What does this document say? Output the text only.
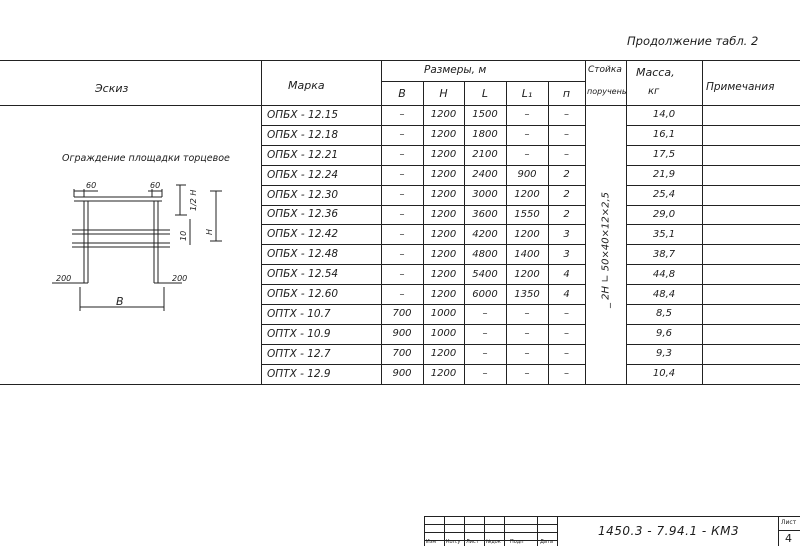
Продолжение табл. 2
Эскиз	Марка
Размеры, м	Стойка
поручень
Масса,
кг	Примечания
В	Н	L	L₁	п
ОПБХ - 12.15	–	1200	1500	–	–	14,0
ОПБХ - 12.18	–	1200	1800	–	–	16,1
ОПБХ - 12.21	–	1200	2100	–	–	17,5
ОПБХ - 12.24	–	1200	2400	900	2	21,9
ОПБХ - 12.30	–	1200	3000	1200	2	25,4
ОПБХ - 12.36	–	1200	3600	1550	2	29,0
ОПБХ - 12.42	–	1200	4200	1200	3	35,1
ОПБХ - 12.48	–	1200	4800	1400	3	38,7
ОПБХ - 12.54	–	1200	5400	1200	4	44,8
ОПБХ - 12.60	–	1200	6000	1350	4	48,4
ОПТХ - 10.7	700	1000	–	–	–	8,5
ОПТХ - 10.9	900	1000	–	–	–	9,6
ОПТХ - 12.7	700	1200	–	–	–	9,3
ОПТХ - 12.9	900	1200	–	–	–	10,4
_ 2Н ∟ 50×40×12×2,5
Ограждение площадки торцевое
60	60
1/2 Н
Н
10
200	200
В
Изм Кол.у Лист №док Подп	Дата
1450.3 - 7.94.1 - КМ3
Лист
4
